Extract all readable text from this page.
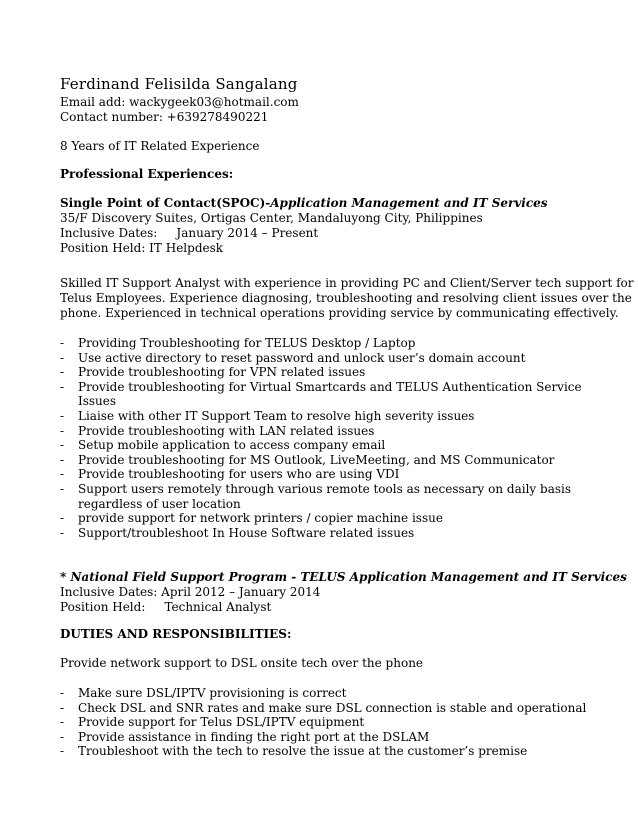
Ferdinand Felisilda Sangalang
Email add: wackygeek03@hotmail.com
Contact number: +639278490221
8 Years of IT Related Experience
Professional Experiences:
Single Point of Contact(SPOC)-Application Management and IT Services
35/F Discovery Suites, Ortigas Center, Mandaluyong City, Philippines
Inclusive Dates:     January 2014 – Present
Position Held: IT Helpdesk
Skilled IT Support Analyst with experience in providing PC and Client/Server tech support for
Telus Employees. Experience diagnosing, troubleshooting and resolving client issues over the
phone. Experienced in technical operations providing service by communicating effectively.
- Providing Troubleshooting for TELUS Desktop / Laptop
- Use active directory to reset password and unlock user’s domain account
- Provide troubleshooting for VPN related issues
- Provide troubleshooting for Virtual Smartcards and TELUS Authentication Service Issues
- Liaise with other IT Support Team to resolve high severity issues
- Provide troubleshooting with LAN related issues
- Setup mobile application to access company email
- Provide troubleshooting for MS Outlook, LiveMeeting, and MS Communicator
- Provide troubleshooting for users who are using VDI
- Support users remotely through various remote tools as necessary on daily basis regardless of user location
- provide support for network printers / copier machine issue
- Support/troubleshoot In House Software related issues
* National Field Support Program - TELUS Application Management and IT Services
Inclusive Dates: April 2012 – January 2014
Position Held:     Technical Analyst
DUTIES AND RESPONSIBILITIES:
Provide network support to DSL onsite tech over the phone
- Make sure DSL/IPTV provisioning is correct
- Check DSL and SNR rates and make sure DSL connection is stable and operational
- Provide support for Telus DSL/IPTV equipment
- Provide assistance in finding the right port at the DSLAM
- Troubleshoot with the tech to resolve the issue at the customer’s premise
